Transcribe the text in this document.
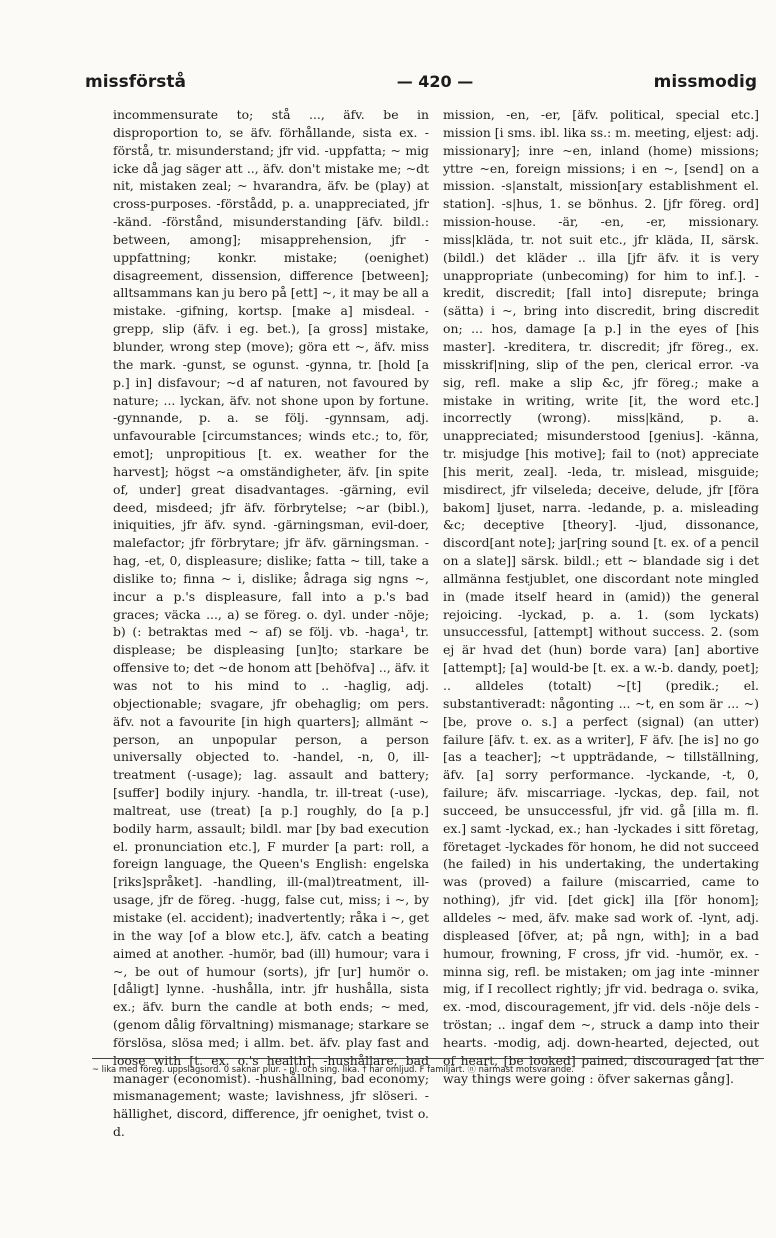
missförstå	— 420 —	missmodig

incommensurate to; stå ..., äfv. be in disproportion to, se äfv. förhållande, sista ex. -förstå, tr. misunderstand; jfr vid. -uppfatta; ~ mig icke då jag säger att .., äfv. don't mistake me; ~dt nit, mistaken zeal; ~ hvarandra, äfv. be (play) at cross-purposes. -förstådd, p. a. unappreciated, jfr -känd. -förstånd, misunderstanding [äfv. bildl.: between, among]; misapprehension, jfr -uppfattning; konkr. mistake; (oenighet) disagreement, dissension, difference [between]; alltsammans kan ju bero på [ett] ~, it may be all a mistake. -gifning, kortsp. [make a] misdeal. -grepp, slip (äfv. i eg. bet.), [a gross] mistake, blunder, wrong step (move); göra ett ~, äfv. miss the mark. -gunst, se ogunst. -gynna, tr. [hold [a p.] in] disfavour; ~d af naturen, not favoured by nature; ... lyckan, äfv. not shone upon by fortune. -gynnande, p. a. se följ. -gynnsam, adj. unfavourable [circumstances; winds etc.; to, för, emot]; unpropitious [t. ex. weather for the harvest]; högst ~a omständigheter, äfv. [in spite of, under] great disadvantages. -gärning, evil deed, misdeed; jfr äfv. förbrytelse; ~ar (bibl.), iniquities, jfr äfv. synd. -gärningsman, evil-doer, malefactor; jfr förbrytare; jfr äfv. gärningsman. -hag, -et, 0, displeasure; dislike; fatta ~ till, take a dislike to; finna ~ i, dislike; ådraga sig ngns ~, incur a p.'s displeasure, fall into a p.'s bad graces; väcka ..., a) se föreg. o. dyl. under -nöje; b) (: betraktas med ~ af) se följ. vb. -haga¹, tr. displease; be displeasing [un]to; starkare be offensive to; det ~de honom att [behöfva] .., äfv. it was not to his mind to .. -haglig, adj. objectionable; svagare, jfr obehaglig; om pers. äfv. not a favourite [in high quarters]; allmänt ~ person, an unpopular person, a person universally objected to. -handel, -n, 0, ill-treatment (-usage); lag. assault and battery; [suffer] bodily injury. -handla, tr. ill-treat (-use), maltreat, use (treat) [a p.] roughly, do [a p.] bodily harm, assault; bildl. mar [by bad execution el. pronunciation etc.], F murder [a part: roll, a foreign language, the Queen's English: engelska [riks]språket]. -handling, ill-(mal)treatment, ill-usage, jfr de föreg. -hugg, false cut, miss; i ~, by mistake (el. accident); inadvertently; råka i ~, get in the way [of a blow etc.], äfv. catch a beating aimed at another. -humör, bad (ill) humour; vara i ~, be out of humour (sorts), jfr [ur] humör o. [dåligt] lynne. -hushålla, intr. jfr hushålla, sista ex.; äfv. burn the candle at both ends; ~ med, (genom dålig förvaltning) mismanage; starkare se förslösa, slösa med; i allm. bet. äfv. play fast and loose with [t. ex. o.'s health]. -hushållare, bad manager (economist). -hushållning, bad economy; mismanagement; waste; lavishness, jfr slöseri. -hällighet, discord, difference, jfr oenighet, tvist o. d.

mission, -en, -er, [äfv. political, special etc.] mission [i sms. ibl. lika ss.: m. meeting, eljest: adj. missionary]; inre ~en, inland (home) missions; yttre ~en, foreign missions; i en ~, [send] on a mission. -s|anstalt, mission[ary establishment el. station]. -s|hus, 1. se bönhus. 2. [jfr föreg. ord] mission-house. -är, -en, -er, missionary. miss|kläda, tr. not suit etc., jfr kläda, II, särsk. (bildl.) det kläder .. illa [jfr äfv. it is very unappropriate (unbecoming) for him to inf.]. -kredit, discredit; [fall into] disrepute; bringa (sätta) i ~, bring into discredit, bring discredit on; ... hos, damage [a p.] in the eyes of [his master]. -kreditera, tr. discredit; jfr föreg., ex. misskrif|ning, slip of the pen, clerical error. -va sig, refl. make a slip &c, jfr föreg.; make a mistake in writing, write [it, the word etc.] incorrectly (wrong). miss|känd, p. a. unappreciated; misunderstood [genius]. -känna, tr. misjudge [his motive]; fail to (not) appreciate [his merit, zeal]. -leda, tr. mislead, misguide; misdirect, jfr vilseleda; deceive, delude, jfr [föra bakom] ljuset, narra. -ledande, p. a. misleading &c; deceptive [theory]. -ljud, dissonance, discord[ant note]; jar[ring sound [t. ex. of a pencil on a slate]] särsk. bildl.; ett ~ blandade sig i det allmänna festjublet, one discordant note mingled in (made itself heard in (amid)) the general rejoicing. -lyckad, p. a. 1. (som lyckats) unsuccessful, [attempt] without success. 2. (som ej är hvad det (hun) borde vara) [an] abortive [attempt]; [a] would-be [t. ex. a w.-b. dandy, poet]; .. alldeles (totalt) ~[t] (predik.; el. substantiveradt: någonting ... ~t, en som är ... ~) [be, prove o. s.] a perfect (signal) (an utter) failure [äfv. t. ex. as a writer], F äfv. [he is] no go [as a teacher]; ~t uppträdande, ~ tillställning, äfv. [a] sorry performance. -lyckande, -t, 0, failure; äfv. miscarriage. -lyckas, dep. fail, not succeed, be unsuccessful, jfr vid. gå [illa m. fl. ex.] samt -lyckad, ex.; han -lyckades i sitt företag, företaget -lyckades för honom, he did not succeed (he failed) in his undertaking, the undertaking was (proved) a failure (miscarried, came to nothing), jfr vid. [det gick] illa [för honom]; alldeles ~ med, äfv. make sad work of. -lynt, adj. displeased [öfver, at; på ngn, with]; in a bad humour, frowning, F cross, jfr vid. -humör, ex. -minna sig, refl. be mistaken; om jag inte -minner mig, if I recollect rightly; jfr vid. bedraga o. svika, ex. -mod, discouragement, jfr vid. dels -nöje dels -tröstan; .. ingaf dem ~, struck a damp into their hearts. -modig, adj. down-hearted, dejected, out of heart, [be looked] pained, discouraged [at the way things were going : öfver sakernas gång].

~ lika med föreg. uppslagsord. 0 saknar plur. - pl. och sing. lika. † har omljud. F familjärt. ⓝ närmast motsvarande.
